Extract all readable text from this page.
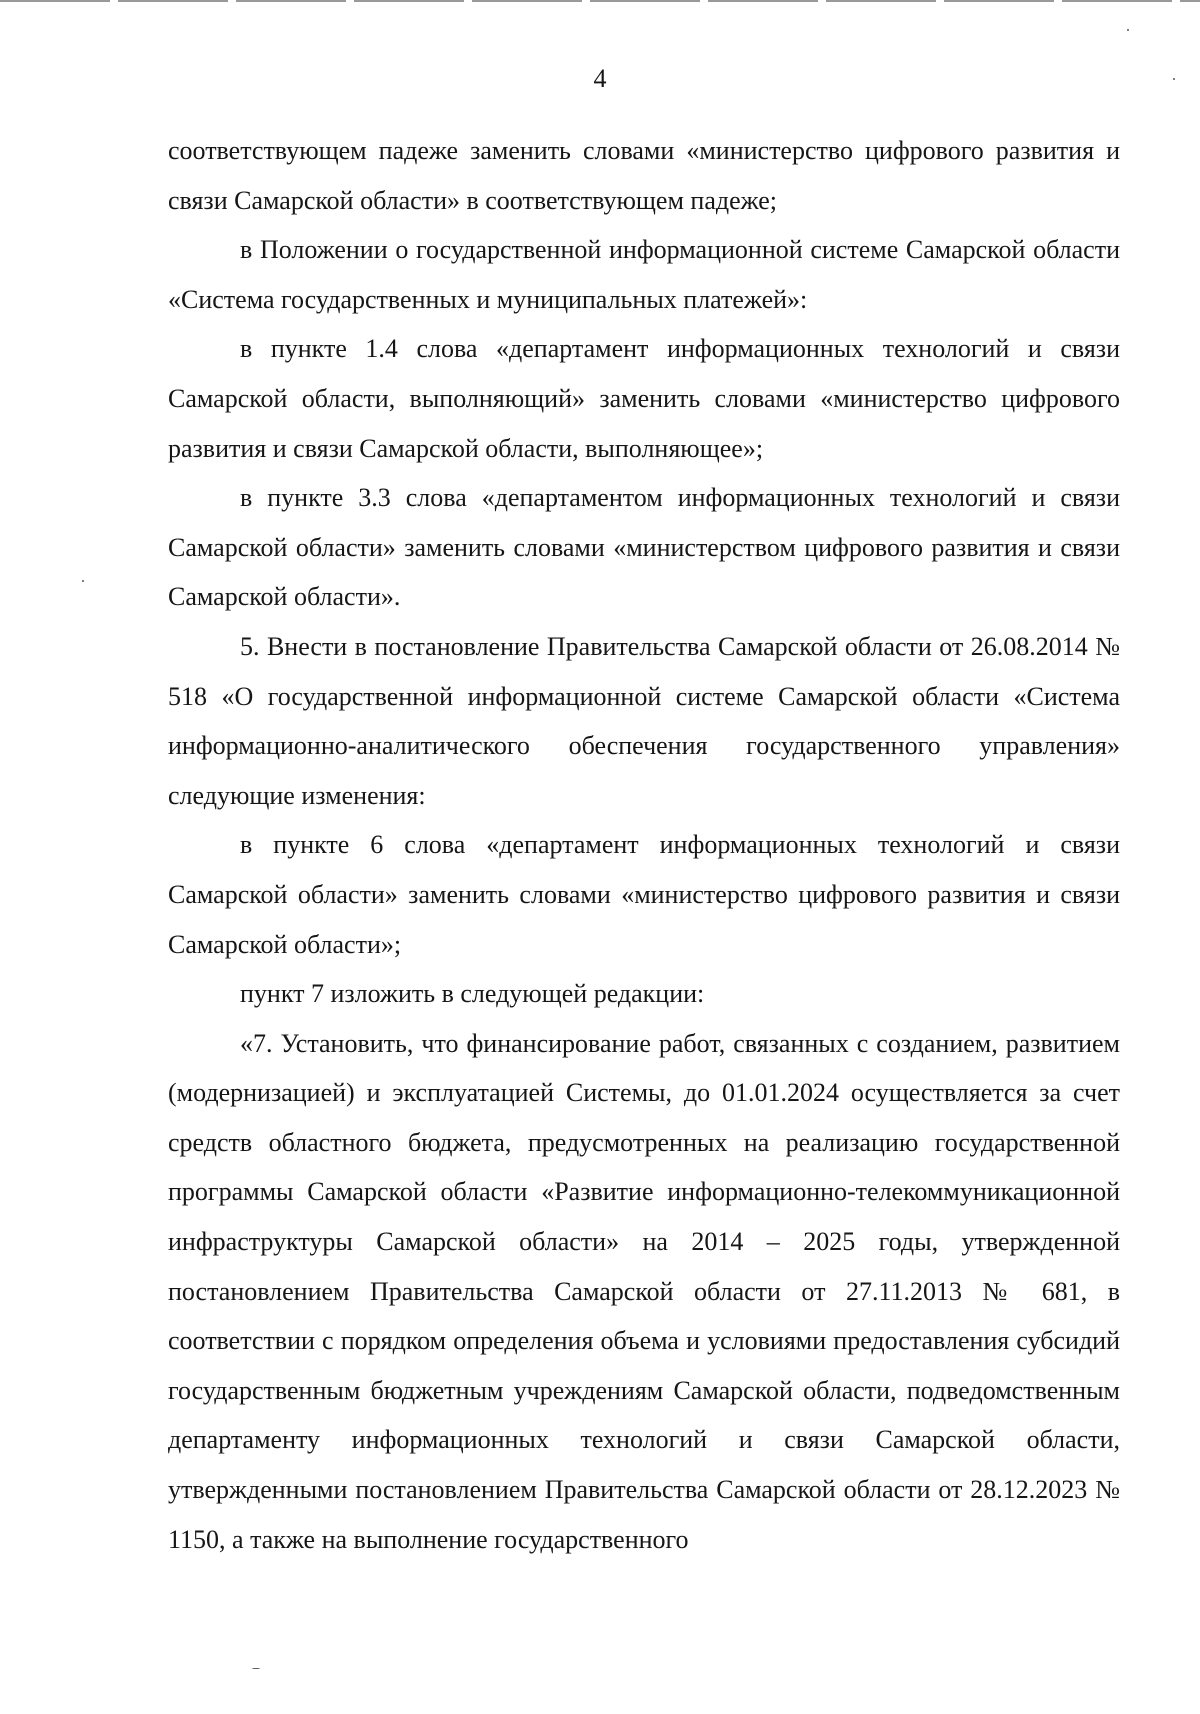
4

соответствующем падеже заменить словами «министерство цифрового развития и связи Самарской области» в соответствующем падеже;

в Положении о государственной информационной системе Самарской области «Система государственных и муниципальных платежей»:

в пункте 1.4 слова «департамент информационных технологий и связи Самарской области, выполняющий» заменить словами «министерство цифрового развития и связи Самарской области, выполняющее»;

в пункте 3.3 слова «департаментом информационных технологий и связи Самарской области» заменить словами «министерством цифрового развития и связи Самарской области».

5. Внести в постановление Правительства Самарской области от 26.08.2014 № 518 «О государственной информационной системе Самарской области «Система информационно-аналитического обеспечения государственного управления» следующие изменения:

в пункте 6 слова «департамент информационных технологий и связи Самарской области» заменить словами «министерство цифрового развития и связи Самарской области»;

пункт 7 изложить в следующей редакции:

«7. Установить, что финансирование работ, связанных с созданием, развитием (модернизацией) и эксплуатацией Системы, до 01.01.2024 осуществляется за счет средств областного бюджета, предусмотренных на реализацию государственной программы Самарской области «Развитие информационно-телекоммуникационной инфраструктуры Самарской области» на 2014 – 2025 годы, утвержденной постановлением Правительства Самарской области от 27.11.2013 № 681, в соответствии с порядком определения объема и условиями предоставления субсидий государственным бюджетным учреждениям Самарской области, подведомственным департаменту информационных технологий и связи Самарской области, утвержденными постановлением Правительства Самарской области от 28.12.2023 № 1150, а также на выполнение государственного
